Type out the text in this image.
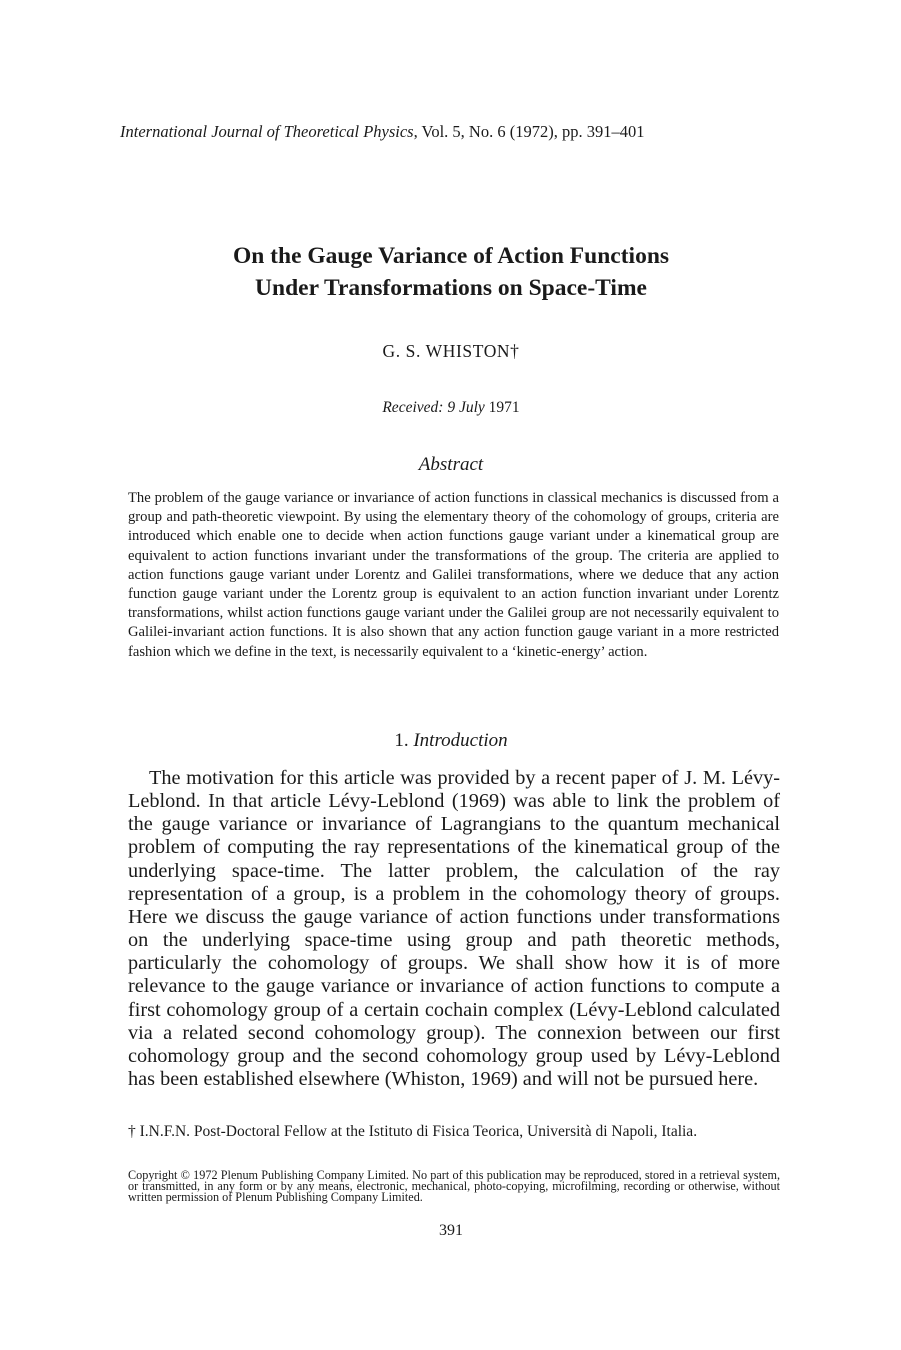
International Journal of Theoretical Physics, Vol. 5, No. 6 (1972), pp. 391–401
On the Gauge Variance of Action Functions
Under Transformations on Space-Time
G. S. WHISTON†
Received: 9 July 1971
Abstract
The problem of the gauge variance or invariance of action functions in classical mechanics is discussed from a group and path-theoretic viewpoint. By using the elementary theory of the cohomology of groups, criteria are introduced which enable one to decide when action functions gauge variant under a kinematical group are equivalent to action functions invariant under the transformations of the group. The criteria are applied to action functions gauge variant under Lorentz and Galilei transformations, where we deduce that any action function gauge variant under the Lorentz group is equivalent to an action function invariant under Lorentz transformations, whilst action functions gauge variant under the Galilei group are not necessarily equivalent to Galilei-invariant action functions. It is also shown that any action function gauge variant in a more restricted fashion which we define in the text, is necessarily equivalent to a ‘kinetic-energy’ action.
1. Introduction
The motivation for this article was provided by a recent paper of J. M. Lévy-Leblond. In that article Lévy-Leblond (1969) was able to link the problem of the gauge variance or invariance of Lagrangians to the quantum mechanical problem of computing the ray representations of the kinematical group of the underlying space-time. The latter problem, the calculation of the ray representation of a group, is a problem in the cohomology theory of groups. Here we discuss the gauge variance of action functions under transformations on the underlying space-time using group and path theoretic methods, particularly the cohomology of groups. We shall show how it is of more relevance to the gauge variance or invariance of action functions to compute a first cohomology group of a certain cochain complex (Lévy-Leblond calculated via a related second cohomology group). The connexion between our first cohomology group and the second cohomology group used by Lévy-Leblond has been established elsewhere (Whiston, 1969) and will not be pursued here.
† I.N.F.N. Post-Doctoral Fellow at the Istituto di Fisica Teorica, Università di Napoli, Italia.
Copyright © 1972 Plenum Publishing Company Limited. No part of this publication may be reproduced, stored in a retrieval system, or transmitted, in any form or by any means, electronic, mechanical, photo-copying, microfilming, recording or otherwise, without written permission of Plenum Publishing Company Limited.
391
